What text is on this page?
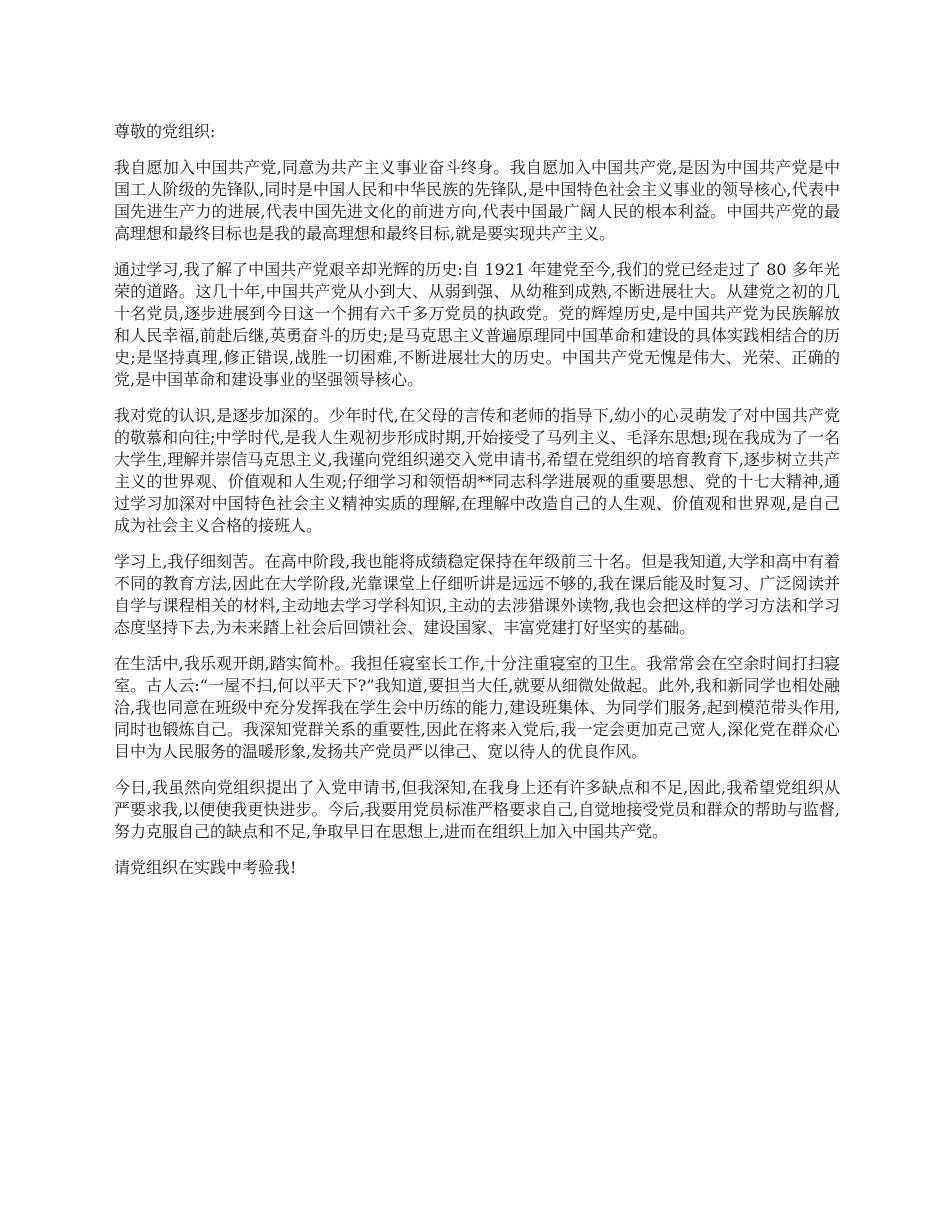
尊敬的党组织:

我自愿加入中国共产党,同意为共产主义事业奋斗终身。我自愿加入中国共产党,是因为中国共产党是中国工人阶级的先锋队,同时是中国人民和中华民族的先锋队,是中国特色社会主义事业的领导核心,代表中国先进生产力的进展,代表中国先进文化的前进方向,代表中国最广阔人民的根本利益。中国共产党的最高理想和最终目标也是我的最高理想和最终目标,就是要实现共产主义。

通过学习,我了解了中国共产党艰辛却光辉的历史:自 1921 年建党至今,我们的党已经走过了 80 多年光荣的道路。这几十年,中国共产党从小到大、从弱到强、从幼稚到成熟,不断进展壮大。从建党之初的几十名党员,逐步进展到今日这一个拥有六千多万党员的执政党。党的辉煌历史,是中国共产党为民族解放和人民幸福,前赴后继,英勇奋斗的历史;是马克思主义普遍原理同中国革命和建设的具体实践相结合的历史;是坚持真理,修正错误,战胜一切困难,不断进展壮大的历史。中国共产党无愧是伟大、光荣、正确的党,是中国革命和建设事业的坚强领导核心。

我对党的认识,是逐步加深的。少年时代,在父母的言传和老师的指导下,幼小的心灵萌发了对中国共产党的敬慕和向往;中学时代,是我人生观初步形成时期,开始接受了马列主义、毛泽东思想;现在我成为了一名大学生,理解并崇信马克思主义,我谨向党组织递交入党申请书,希望在党组织的培育教育下,逐步树立共产主义的世界观、价值观和人生观;仔细学习和领悟胡**同志科学进展观的重要思想、党的十七大精神,通过学习加深对中国特色社会主义精神实质的理解,在理解中改造自己的人生观、价值观和世界观,是自己成为社会主义合格的接班人。

学习上,我仔细刻苦。在高中阶段,我也能将成绩稳定保持在年级前三十名。但是我知道,大学和高中有着不同的教育方法,因此在大学阶段,光靠课堂上仔细听讲是远远不够的,我在课后能及时复习、广泛阅读并自学与课程相关的材料,主动地去学习学科知识,主动的去涉猎课外读物,我也会把这样的学习方法和学习态度坚持下去,为未来踏上社会后回馈社会、建设国家、丰富党建打好坚实的基础。

在生活中,我乐观开朗,踏实简朴。我担任寝室长工作,十分注重寝室的卫生。我常常会在空余时间打扫寝室。古人云:“一屋不扫,何以平天下?”我知道,要担当大任,就要从细微处做起。此外,我和新同学也相处融洽,我也同意在班级中充分发挥我在学生会中历练的能力,建设班集体、为同学们服务,起到模范带头作用,同时也锻炼自己。我深知党群关系的重要性,因此在将来入党后,我一定会更加克己宽人,深化党在群众心目中为人民服务的温暖形象,发扬共产党员严以律己、宽以待人的优良作风。

今日,我虽然向党组织提出了入党申请书,但我深知,在我身上还有许多缺点和不足,因此,我希望党组织从严要求我,以便使我更快进步。今后,我要用党员标准严格要求自己,自觉地接受党员和群众的帮助与监督,努力克服自己的缺点和不足,争取早日在思想上,进而在组织上加入中国共产党。

请党组织在实践中考验我!
